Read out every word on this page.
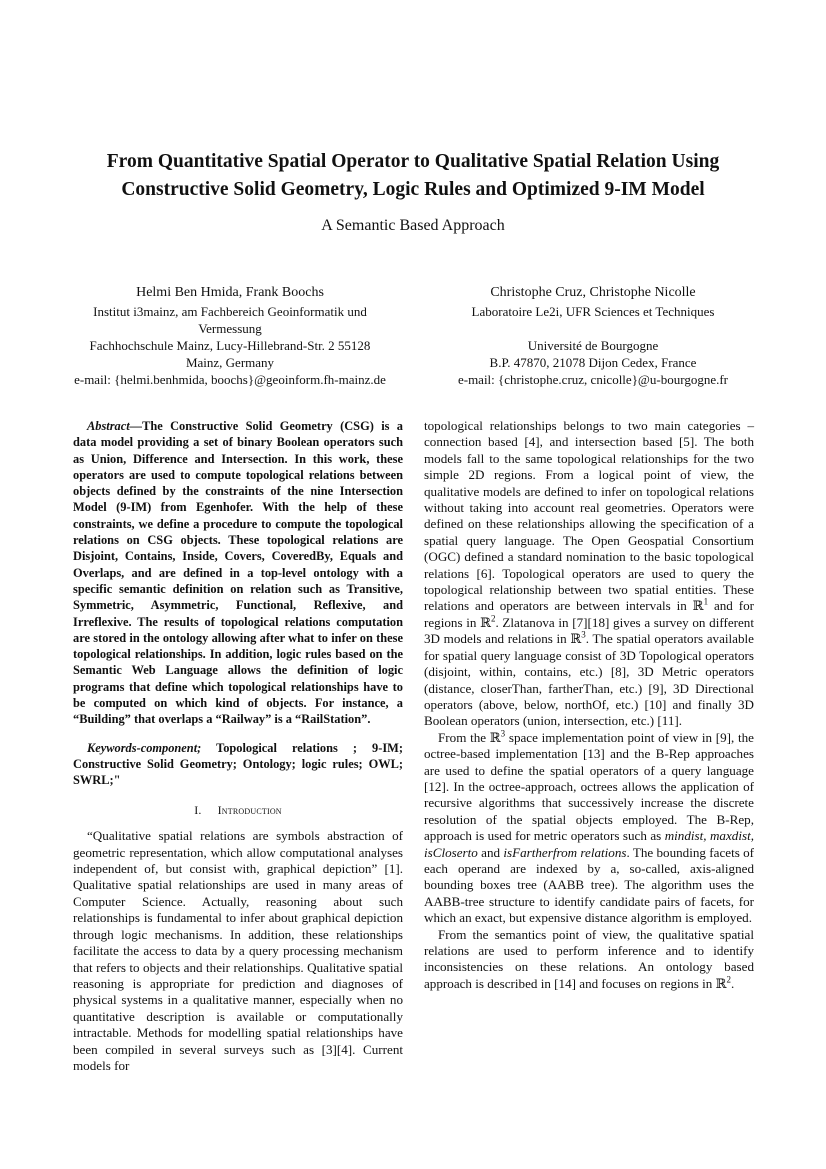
From Quantitative Spatial Operator to Qualitative Spatial Relation Using
Constructive Solid Geometry, Logic Rules and Optimized 9-IM Model
A Semantic Based Approach
Helmi Ben Hmida, Frank Boochs
Institut i3mainz, am Fachbereich Geoinformatik und Vermessung
Fachhochschule Mainz, Lucy-Hillebrand-Str. 2 55128 Mainz, Germany
e-mail: {helmi.benhmida, boochs}@geoinform.fh-mainz.de
Christophe Cruz, Christophe Nicolle
Laboratoire Le2i, UFR Sciences et Techniques
Université de Bourgogne
B.P. 47870, 21078 Dijon Cedex, France
e-mail: {christophe.cruz, cnicolle}@u-bourgogne.fr

Abstract—The Constructive Solid Geometry (CSG) is a data model providing a set of binary Boolean operators such as Union, Difference and Intersection. In this work, these operators are used to compute topological relations between objects defined by the constraints of the nine Intersection Model (9-IM) from Egenhofer. With the help of these constraints, we define a procedure to compute the topological relations on CSG objects. These topological relations are Disjoint, Contains, Inside, Covers, CoveredBy, Equals and Overlaps, and are defined in a top-level ontology with a specific semantic definition on relation such as Transitive, Symmetric, Asymmetric, Functional, Reflexive, and Irreflexive. The results of topological relations computation are stored in the ontology allowing after what to infer on these topological relationships. In addition, logic rules based on the Semantic Web Language allows the definition of logic programs that define which topological relationships have to be computed on which kind of objects. For instance, a “Building” that overlaps a “Railway” is a “RailStation”.

Keywords-component; Topological relations ; 9-IM; Constructive Solid Geometry; Ontology; logic rules; OWL; SWRL;"

I. Introduction

“Qualitative spatial relations are symbols abstraction of geometric representation, which allow computational analyses independent of, but consist with, graphical depiction” [1]. Qualitative spatial relationships are used in many areas of Computer Science. Actually, reasoning about such relationships is fundamental to infer about graphical depiction through logic mechanisms. In addition, these relationships facilitate the access to data by a query processing mechanism that refers to objects and their relationships. Qualitative spatial reasoning is appropriate for prediction and diagnoses of physical systems in a qualitative manner, especially when no quantitative description is available or computationally intractable. Methods for modelling spatial relationships have been compiled in several surveys such as [3][4]. Current models for

topological relationships belongs to two main categories – connection based [4], and intersection based [5]. The both models fall to the same topological relationships for the two simple 2D regions. From a logical point of view, the qualitative models are defined to infer on topological relations without taking into account real geometries. Operators were defined on these relationships allowing the specification of a spatial query language. The Open Geospatial Consortium (OGC) defined a standard nomination to the basic topological relations [6]. Topological operators are used to query the topological relationship between two spatial entities. These relations and operators are between intervals in ℝ$^1$ and for regions in ℝ$^2$. Zlatanova in [7][18] gives a survey on different 3D models and relations in ℝ$^3$. The spatial operators available for spatial query language consist of 3D Topological operators (disjoint, within, contains, etc.) [8], 3D Metric operators (distance, closerThan, fartherThan, etc.) [9], 3D Directional operators (above, below, northOf, etc.) [10] and finally 3D Boolean operators (union, intersection, etc.) [11].

From the ℝ$^3$ space implementation point of view in [9], the octree-based implementation [13] and the B-Rep approaches are used to define the spatial operators of a query language [12]. In the octree-approach, octrees allows the application of recursive algorithms that successively increase the discrete resolution of the spatial objects employed. The B-Rep, approach is used for metric operators such as mindist, maxdist, isCloserto and isFartherfrom relations. The bounding facets of each operand are indexed by a, so-called, axis-aligned bounding boxes tree (AABB tree). The algorithm uses the AABB-tree structure to identify candidate pairs of facets, for which an exact, but expensive distance algorithm is employed.

From the semantics point of view, the qualitative spatial relations are used to perform inference and to identify inconsistencies on these relations. An ontology based approach is described in [14] and focuses on regions in ℝ$^2$.
